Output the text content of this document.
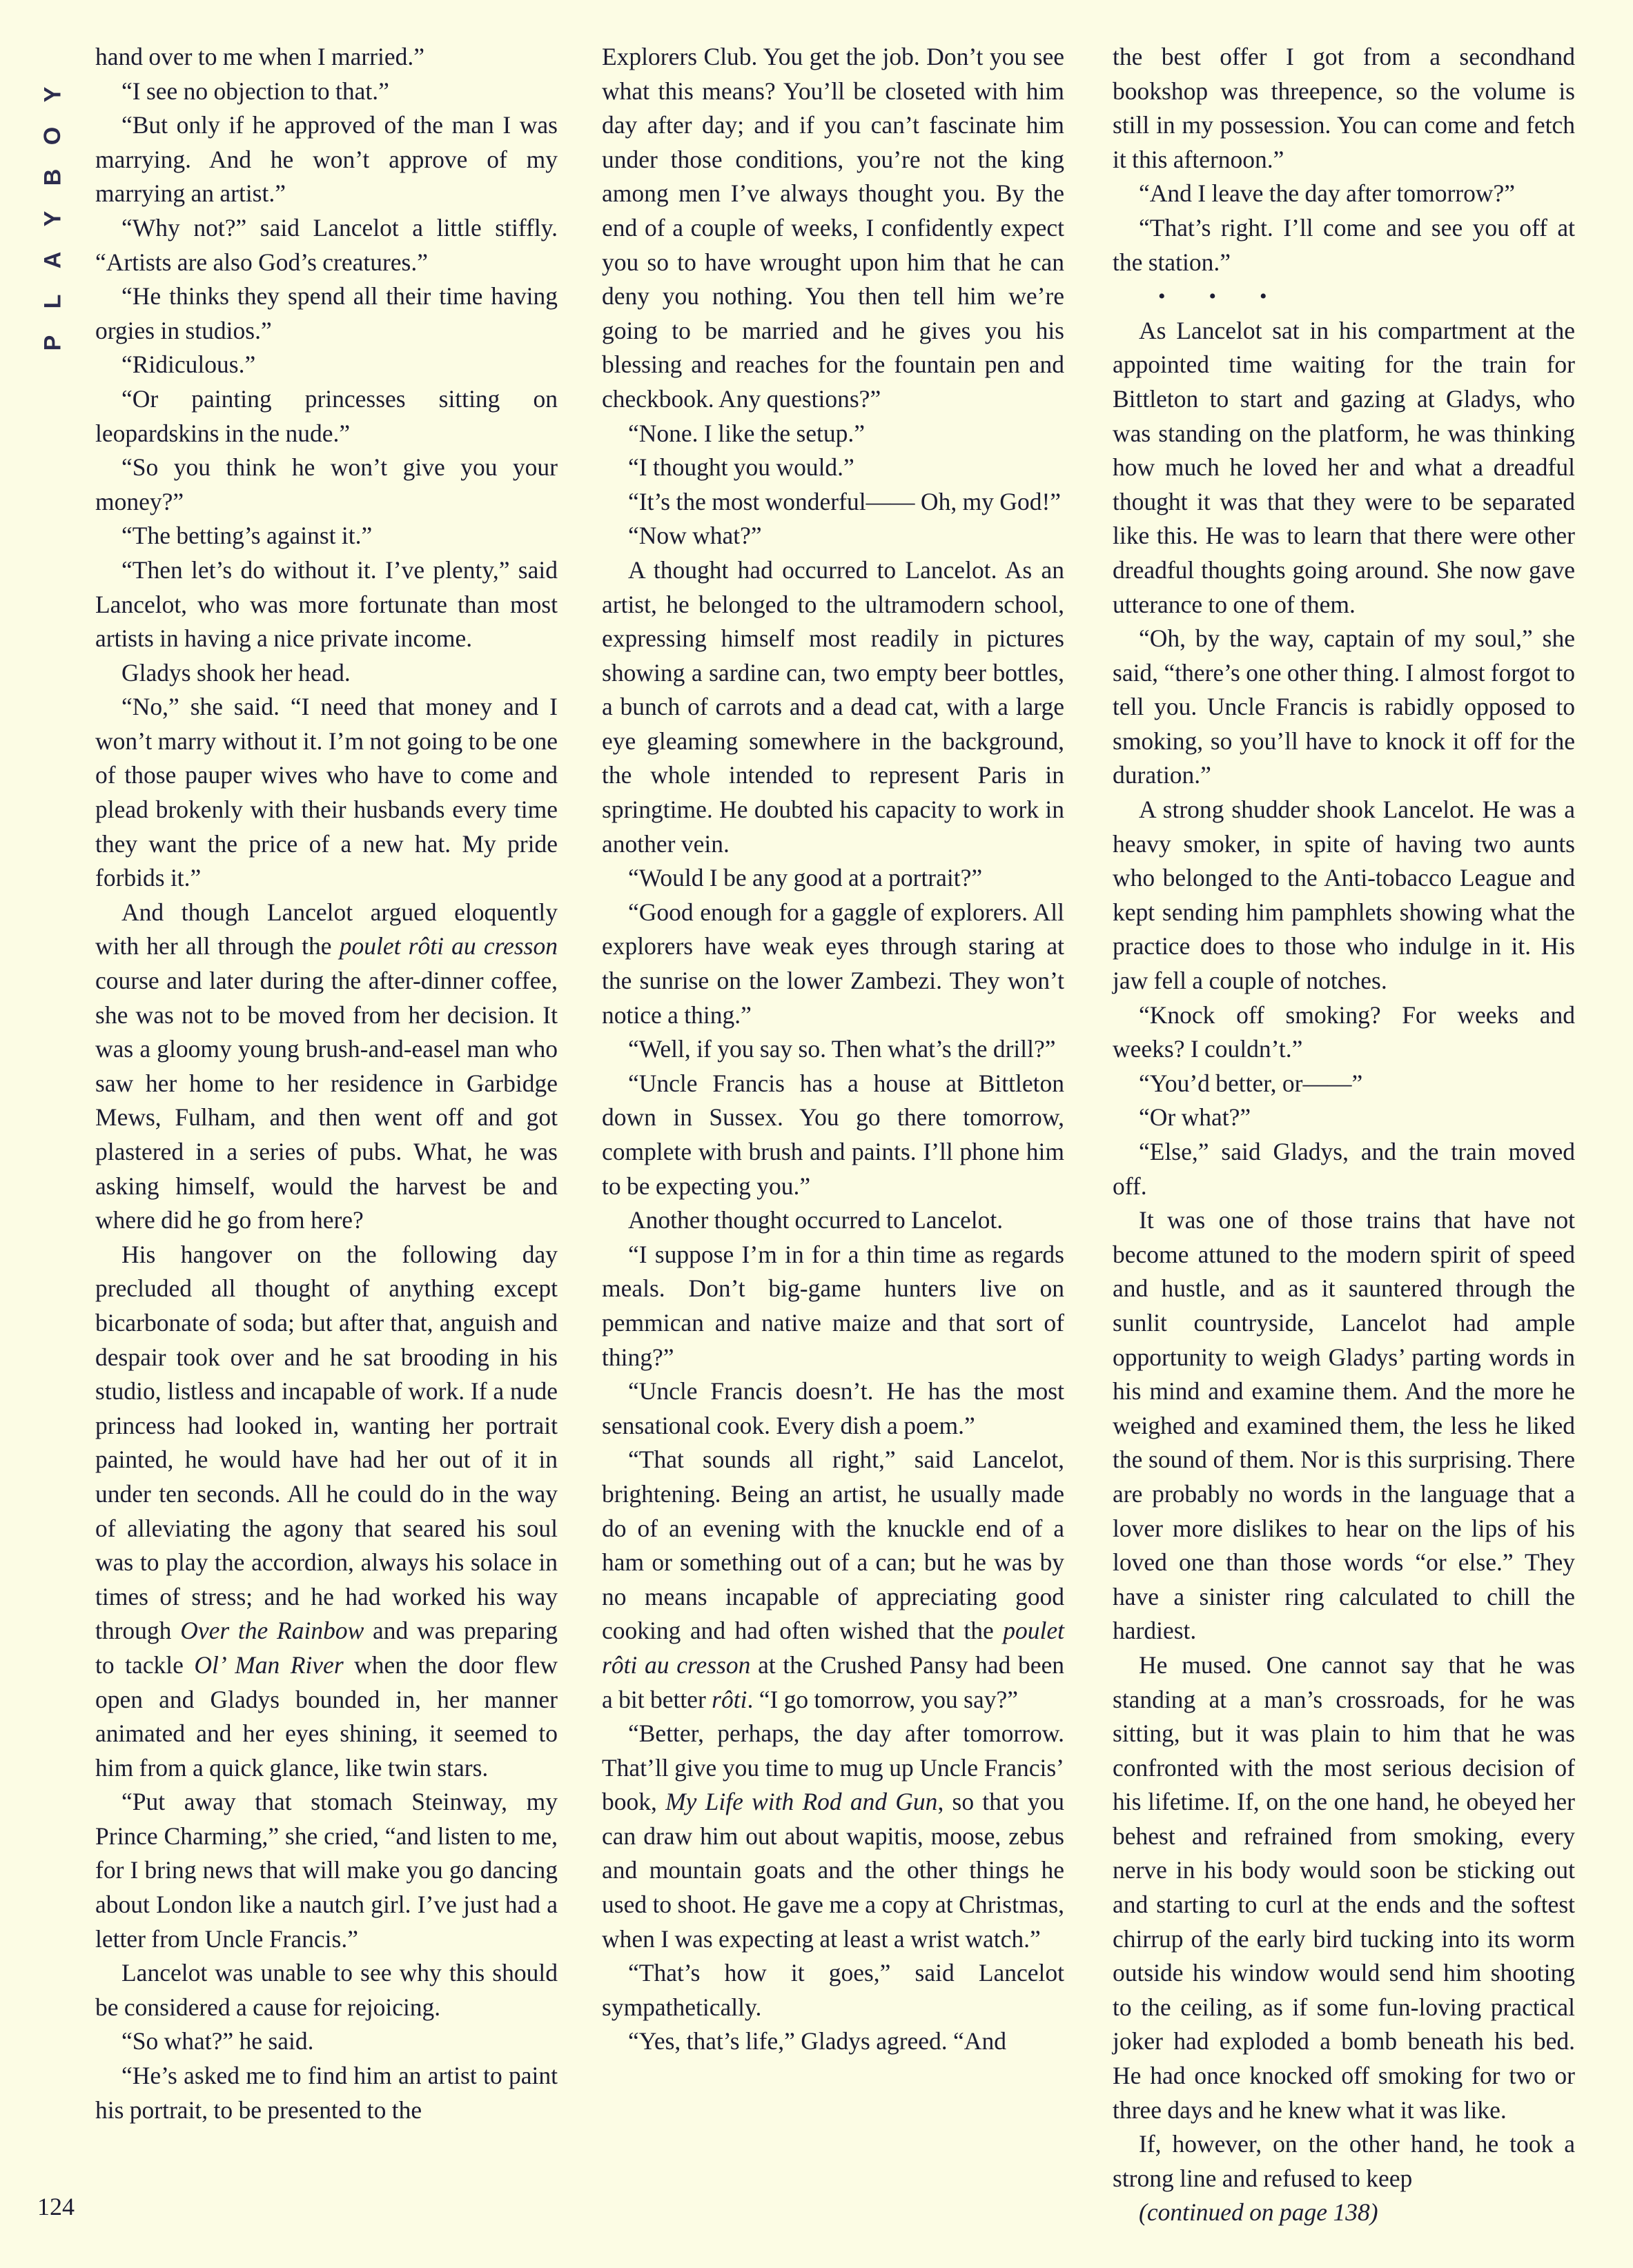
Y
O
B
Y
A
L
P
124

hand over to me when I married.”

“I see no objection to that.”

“But only if he approved of the man I was marrying. And he won’t approve of my marrying an artist.”

“Why not?” said Lancelot a little stiffly. “Artists are also God’s creatures.”

“He thinks they spend all their time having orgies in studios.”

“Ridiculous.”

“Or painting princesses sitting on leopardskins in the nude.”

“So you think he won’t give you your money?”

“The betting’s against it.”

“Then let’s do without it. I’ve plenty,” said Lancelot, who was more fortunate than most artists in having a nice private income.

Gladys shook her head.

“No,” she said. “I need that money and I won’t marry without it. I’m not going to be one of those pauper wives who have to come and plead brokenly with their husbands every time they want the price of a new hat. My pride forbids it.”

And though Lancelot argued eloquently with her all through the poulet rôti au cresson course and later during the after-dinner coffee, she was not to be moved from her decision. It was a gloomy young brush-and-easel man who saw her home to her residence in Garbidge Mews, Fulham, and then went off and got plastered in a series of pubs. What, he was asking himself, would the harvest be and where did he go from here?

His hangover on the following day precluded all thought of anything except bicarbonate of soda; but after that, anguish and despair took over and he sat brooding in his studio, listless and incapable of work. If a nude princess had looked in, wanting her portrait painted, he would have had her out of it in under ten seconds. All he could do in the way of alleviating the agony that seared his soul was to play the accordion, always his solace in times of stress; and he had worked his way through Over the Rainbow and was preparing to tackle Ol’ Man River when the door flew open and Gladys bounded in, her manner animated and her eyes shining, it seemed to him from a quick glance, like twin stars.

“Put away that stomach Steinway, my Prince Charming,” she cried, “and listen to me, for I bring news that will make you go dancing about London like a nautch girl. I’ve just had a letter from Uncle Francis.”

Lancelot was unable to see why this should be considered a cause for rejoicing.

“So what?” he said.

“He’s asked me to find him an artist to paint his portrait, to be presented to the

Explorers Club. You get the job. Don’t you see what this means? You’ll be closeted with him day after day; and if you can’t fascinate him under those conditions, you’re not the king among men I’ve always thought you. By the end of a couple of weeks, I confidently expect you so to have wrought upon him that he can deny you nothing. You then tell him we’re going to be married and he gives you his blessing and reaches for the fountain pen and checkbook. Any questions?”

“None. I like the setup.”

“I thought you would.”

“It’s the most wonderful—— Oh, my God!”

“Now what?”

A thought had occurred to Lancelot. As an artist, he belonged to the ultramodern school, expressing himself most readily in pictures showing a sardine can, two empty beer bottles, a bunch of carrots and a dead cat, with a large eye gleaming somewhere in the background, the whole intended to represent Paris in springtime. He doubted his capacity to work in another vein.

“Would I be any good at a portrait?”

“Good enough for a gaggle of explorers. All explorers have weak eyes through staring at the sunrise on the lower Zambezi. They won’t notice a thing.”

“Well, if you say so. Then what’s the drill?”

“Uncle Francis has a house at Bittleton down in Sussex. You go there tomorrow, complete with brush and paints. I’ll phone him to be expecting you.”

Another thought occurred to Lancelot.

“I suppose I’m in for a thin time as regards meals. Don’t big-game hunters live on pemmican and native maize and that sort of thing?”

“Uncle Francis doesn’t. He has the most sensational cook. Every dish a poem.”

“That sounds all right,” said Lancelot, brightening. Being an artist, he usually made do of an evening with the knuckle end of a ham or something out of a can; but he was by no means incapable of appreciating good cooking and had often wished that the poulet rôti au cresson at the Crushed Pansy had been a bit better rôti. “I go tomorrow, you say?”

“Better, perhaps, the day after tomorrow. That’ll give you time to mug up Uncle Francis’ book, My Life with Rod and Gun, so that you can draw him out about wapitis, moose, zebus and mountain goats and the other things he used to shoot. He gave me a copy at Christmas, when I was expecting at least a wrist watch.”

“That’s how it goes,” said Lancelot sympathetically.

“Yes, that’s life,” Gladys agreed. “And

the best offer I got from a secondhand bookshop was threepence, so the volume is still in my possession. You can come and fetch it this afternoon.”

“And I leave the day after tomorrow?”

“That’s right. I’ll come and see you off at the station.”

• • •

As Lancelot sat in his compartment at the appointed time waiting for the train for Bittleton to start and gazing at Gladys, who was standing on the platform, he was thinking how much he loved her and what a dreadful thought it was that they were to be separated like this. He was to learn that there were other dreadful thoughts going around. She now gave utterance to one of them.

“Oh, by the way, captain of my soul,” she said, “there’s one other thing. I almost forgot to tell you. Uncle Francis is rabidly opposed to smoking, so you’ll have to knock it off for the duration.”

A strong shudder shook Lancelot. He was a heavy smoker, in spite of having two aunts who belonged to the Anti-tobacco League and kept sending him pamphlets showing what the practice does to those who indulge in it. His jaw fell a couple of notches.

“Knock off smoking? For weeks and weeks? I couldn’t.”

“You’d better, or——”

“Or what?”

“Else,” said Gladys, and the train moved off.

It was one of those trains that have not become attuned to the modern spirit of speed and hustle, and as it sauntered through the sunlit countryside, Lancelot had ample opportunity to weigh Gladys’ parting words in his mind and examine them. And the more he weighed and examined them, the less he liked the sound of them. Nor is this surprising. There are probably no words in the language that a lover more dislikes to hear on the lips of his loved one than those words “or else.” They have a sinister ring calculated to chill the hardiest.

He mused. One cannot say that he was standing at a man’s crossroads, for he was sitting, but it was plain to him that he was confronted with the most serious decision of his lifetime. If, on the one hand, he obeyed her behest and refrained from smoking, every nerve in his body would soon be sticking out and starting to curl at the ends and the softest chirrup of the early bird tucking into its worm outside his window would send him shooting to the ceiling, as if some fun-loving practical joker had exploded a bomb beneath his bed. He had once knocked off smoking for two or three days and he knew what it was like.

If, however, on the other hand, he took a strong line and refused to keep

(continued on page 138)
